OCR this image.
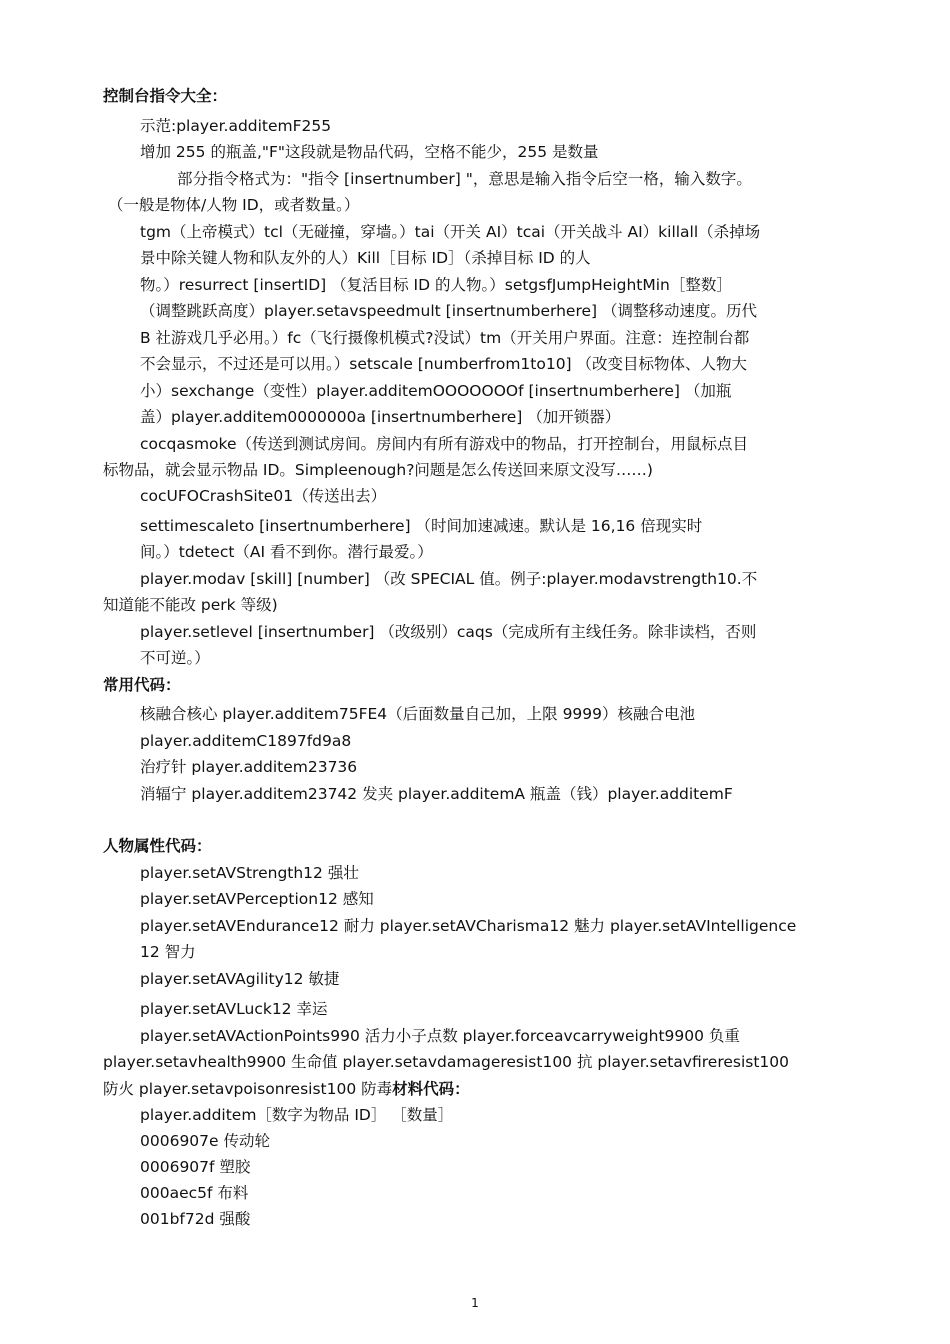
控制台指令大全：
示范:player.additemF255
增加 255 的瓶盖,"F"这段就是物品代码，空格不能少，255 是数量
部分指令格式为："指令 [insertnumber] "，意思是输入指令后空一格，输入数字。
（一般是物体/人物 ID，或者数量。）
tgm（上帝模式）tcl（无碰撞，穿墙。）tai（开关 AI）tcai（开关战斗 AI）killall（杀掉场
景中除关键人物和队友外的人）Kill［目标 ID］（杀掉目标 ID 的人
物。）resurrect [insertID] （复活目标 ID 的人物。）setgsfJumpHeightMin［整数］
（调整跳跃高度）player.setavspeedmult [insertnumberhere] （调整移动速度。历代
B 社游戏几乎必用。）fc（飞行摄像机模式?没试）tm（开关用户界面。注意：连控制台都
不会显示，不过还是可以用。）setscale [numberfrom1to10] （改变目标物体、人物大
小）sexchange（变性）player.additemOOOOOOOf [insertnumberhere] （加瓶
盖）player.additem0000000a [insertnumberhere] （加开锁器）
cocqasmoke（传送到测试房间。房间内有所有游戏中的物品，打开控制台，用鼠标点目
标物品，就会显示物品 ID。Simpleenough?问题是怎么传送回来原文没写……)
cocUFOCrashSite01（传送出去）
settimescaleto [insertnumberhere] （时间加速减速。默认是 16,16 倍现实时
间。）tdetect（AI 看不到你。潜行最爱。）
player.modav [skill] [number] （改 SPECIAL 值。例子:player.modavstrength10.不
知道能不能改 perk 等级)
player.setlevel [insertnumber] （改级别）caqs（完成所有主线任务。除非读档，否则
不可逆。）
常用代码：
核融合核心 player.additem75FE4（后面数量自己加，上限 9999）核融合电池
player.additemC1897fd9a8
治疗针 player.additem23736
消辐宁 player.additem23742 发夹 player.additemA 瓶盖（钱）player.additemF
人物属性代码：
player.setAVStrength12 强壮
player.setAVPerception12 感知
player.setAVEndurance12 耐力 player.setAVCharisma12 魅力 player.setAVIntelligence
12 智力
player.setAVAgility12 敏捷
player.setAVLuck12 幸运
player.setAVActionPoints990 活力小子点数 player.forceavcarryweight9900 负重
player.setavhealth9900 生命值 player.setavdamageresist100 抗 player.setavfireresist100
防火 player.setavpoisonresist100 防毒材料代码：
player.additem［数字为物品 ID］ ［数量］
0006907e 传动轮
0006907f 塑胶
000aec5f 布料
001bf72d 强酸
1
